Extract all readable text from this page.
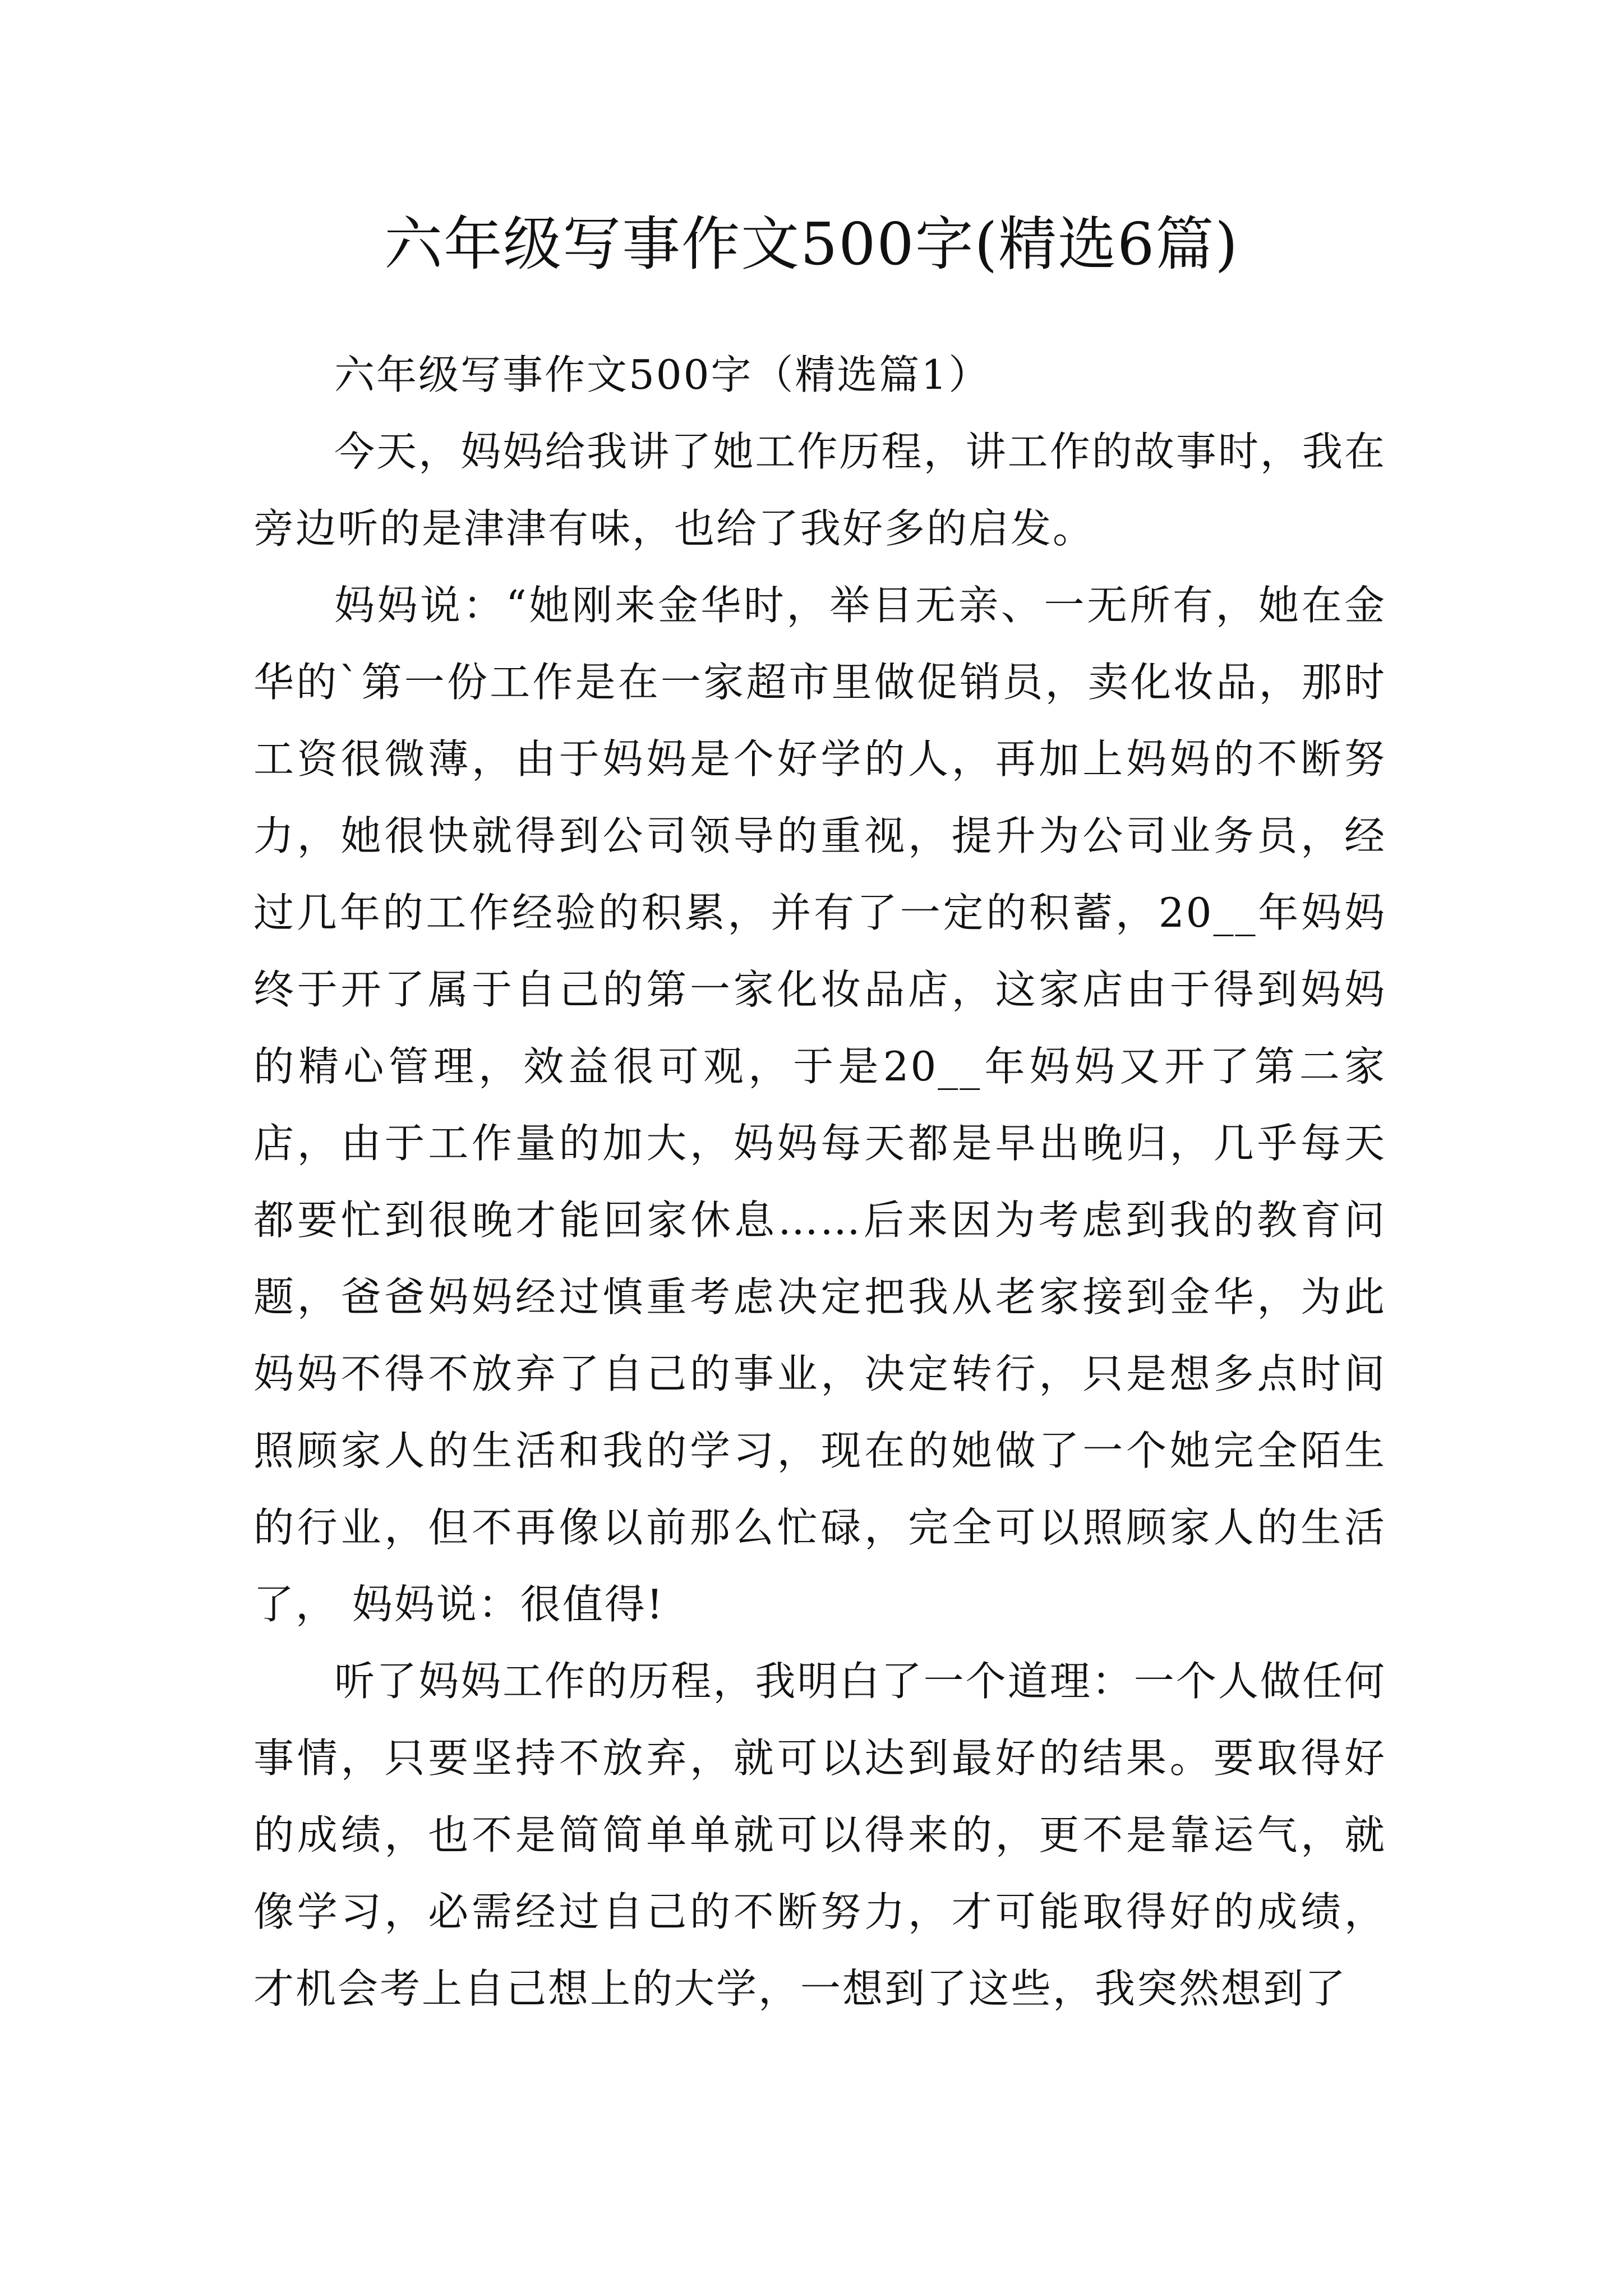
六年级写事作文500字(精选6篇)

六年级写事作文500字（精选篇1）

今天，妈妈给我讲了她工作历程，讲工作的故事时，我在旁边听的是津津有味，也给了我好多的启发。

妈妈说：“她刚来金华时，举目无亲、一无所有，她在金华的`第一份工作是在一家超市里做促销员，卖化妆品，那时工资很微薄，由于妈妈是个好学的人，再加上妈妈的不断努力，她很快就得到公司领导的重视，提升为公司业务员，经过几年的工作经验的积累，并有了一定的积蓄，20__年妈妈终于开了属于自己的第一家化妆品店，这家店由于得到妈妈的精心管理，效益很可观，于是20__年妈妈又开了第二家店，由于工作量的加大，妈妈每天都是早出晚归，几乎每天都要忙到很晚才能回家休息……后来因为考虑到我的教育问题，爸爸妈妈经过慎重考虑决定把我从老家接到金华，为此妈妈不得不放弃了自己的事业，决定转行，只是想多点时间照顾家人的生活和我的学习，现在的她做了一个她完全陌生的行业，但不再像以前那么忙碌，完全可以照顾家人的生活了， 妈妈说：很值得!

听了妈妈工作的历程，我明白了一个道理：一个人做任何事情，只要坚持不放弃，就可以达到最好的结果。要取得好的成绩，也不是简简单单就可以得来的，更不是靠运气，就像学习，必需经过自己的不断努力，才可能取得好的成绩，才机会考上自己想上的大学，一想到了这些，我突然想到了
